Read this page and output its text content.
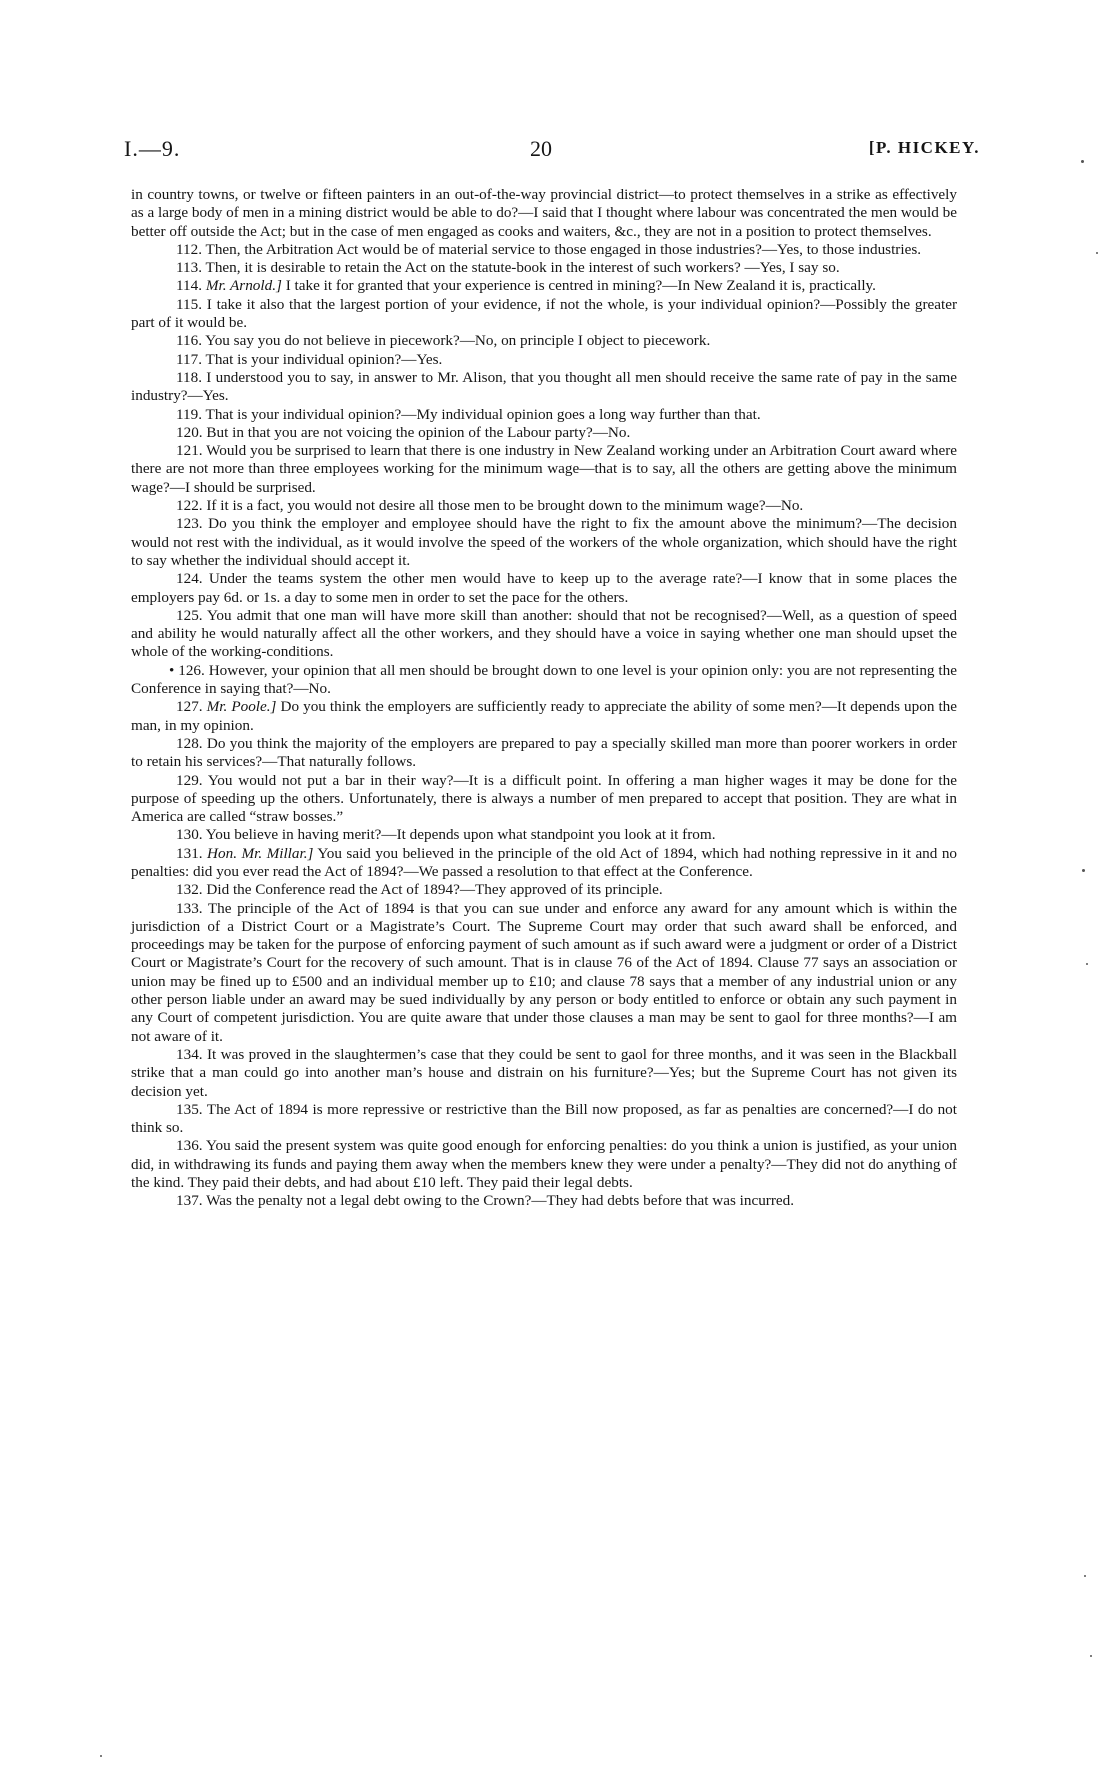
I.—9.	20	[P. HICKEY.

in country towns, or twelve or fifteen painters in an out-of-the-way provincial district—to protect themselves in a strike as effectively as a large body of men in a mining district would be able to do?—I said that I thought where labour was concentrated the men would be better off outside the Act; but in the case of men engaged as cooks and waiters, &c., they are not in a position to protect themselves.

112. Then, the Arbitration Act would be of material service to those engaged in those industries?—Yes, to those industries.

113. Then, it is desirable to retain the Act on the statute-book in the interest of such workers? —Yes, I say so.

114. Mr. Arnold.] I take it for granted that your experience is centred in mining?—In New Zealand it is, practically.

115. I take it also that the largest portion of your evidence, if not the whole, is your individual opinion?—Possibly the greater part of it would be.

116. You say you do not believe in piecework?—No, on principle I object to piecework.

117. That is your individual opinion?—Yes.

118. I understood you to say, in answer to Mr. Alison, that you thought all men should receive the same rate of pay in the same industry?—Yes.

119. That is your individual opinion?—My individual opinion goes a long way further than that.

120. But in that you are not voicing the opinion of the Labour party?—No.

121. Would you be surprised to learn that there is one industry in New Zealand working under an Arbitration Court award where there are not more than three employees working for the minimum wage—that is to say, all the others are getting above the minimum wage?—I should be surprised.

122. If it is a fact, you would not desire all those men to be brought down to the minimum wage?—No.

123. Do you think the employer and employee should have the right to fix the amount above the minimum?—The decision would not rest with the individual, as it would involve the speed of the workers of the whole organization, which should have the right to say whether the individual should accept it.

124. Under the teams system the other men would have to keep up to the average rate?—I know that in some places the employers pay 6d. or 1s. a day to some men in order to set the pace for the others.

125. You admit that one man will have more skill than another: should that not be recognised?—Well, as a question of speed and ability he would naturally affect all the other workers, and they should have a voice in saying whether one man should upset the whole of the working-conditions.

• 126. However, your opinion that all men should be brought down to one level is your opinion only: you are not representing the Conference in saying that?—No.

127. Mr. Poole.] Do you think the employers are sufficiently ready to appreciate the ability of some men?—It depends upon the man, in my opinion.

128. Do you think the majority of the employers are prepared to pay a specially skilled man more than poorer workers in order to retain his services?—That naturally follows.

129. You would not put a bar in their way?—It is a difficult point. In offering a man higher wages it may be done for the purpose of speeding up the others. Unfortunately, there is always a number of men prepared to accept that position. They are what in America are called “straw bosses.”

130. You believe in having merit?—It depends upon what standpoint you look at it from.

131. Hon. Mr. Millar.] You said you believed in the principle of the old Act of 1894, which had nothing repressive in it and no penalties: did you ever read the Act of 1894?—We passed a resolution to that effect at the Conference.

132. Did the Conference read the Act of 1894?—They approved of its principle.

133. The principle of the Act of 1894 is that you can sue under and enforce any award for any amount which is within the jurisdiction of a District Court or a Magistrate’s Court. The Supreme Court may order that such award shall be enforced, and proceedings may be taken for the purpose of enforcing payment of such amount as if such award were a judgment or order of a District Court or Magistrate’s Court for the recovery of such amount. That is in clause 76 of the Act of 1894. Clause 77 says an association or union may be fined up to £500 and an individual member up to £10; and clause 78 says that a member of any industrial union or any other person liable under an award may be sued individually by any person or body entitled to enforce or obtain any such payment in any Court of competent jurisdiction. You are quite aware that under those clauses a man may be sent to gaol for three months?—I am not aware of it.

134. It was proved in the slaughtermen’s case that they could be sent to gaol for three months, and it was seen in the Blackball strike that a man could go into another man’s house and distrain on his furniture?—Yes; but the Supreme Court has not given its decision yet.

135. The Act of 1894 is more repressive or restrictive than the Bill now proposed, as far as penalties are concerned?—I do not think so.

136. You said the present system was quite good enough for enforcing penalties: do you think a union is justified, as your union did, in withdrawing its funds and paying them away when the members knew they were under a penalty?—They did not do anything of the kind. They paid their debts, and had about £10 left. They paid their legal debts.

137. Was the penalty not a legal debt owing to the Crown?—They had debts before that was incurred.
